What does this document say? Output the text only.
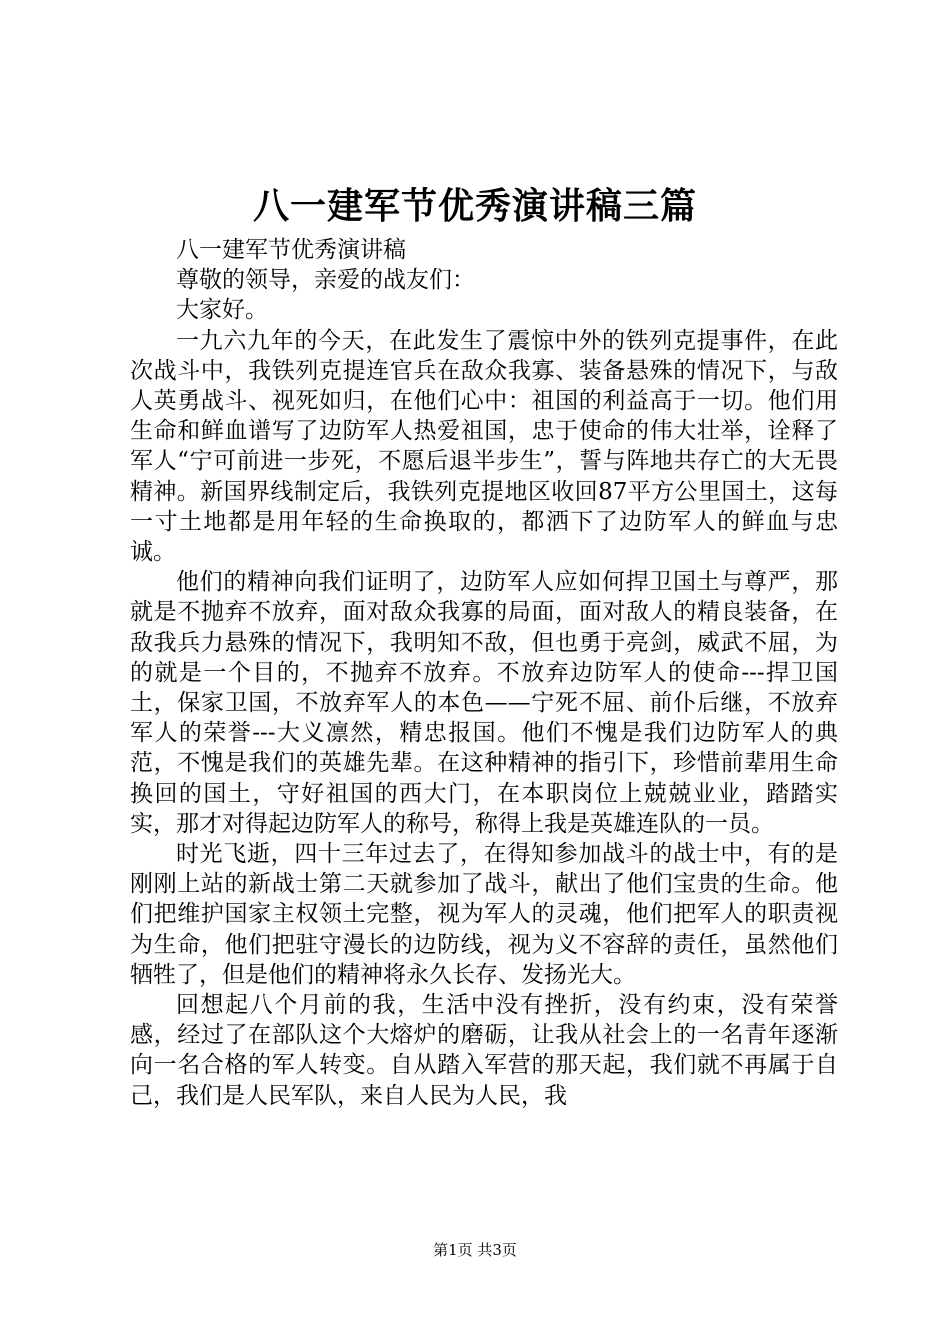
八一建军节优秀演讲稿三篇

八一建军节优秀演讲稿

尊敬的领导，亲爱的战友们：

大家好。

一九六九年的今天，在此发生了震惊中外的铁列克提事件，在此次战斗中，我铁列克提连官兵在敌众我寡、装备悬殊的情况下，与敌人英勇战斗、视死如归，在他们心中：祖国的利益高于一切。他们用生命和鲜血谱写了边防军人热爱祖国，忠于使命的伟大壮举，诠释了军人“宁可前进一步死，不愿后退半步生”，誓与阵地共存亡的大无畏精神。新国界线制定后，我铁列克提地区收回87平方公里国土，这每一寸土地都是用年轻的生命换取的，都洒下了边防军人的鲜血与忠诚。

他们的精神向我们证明了，边防军人应如何捍卫国土与尊严，那就是不抛弃不放弃，面对敌众我寡的局面，面对敌人的精良装备，在敌我兵力悬殊的情况下，我明知不敌，但也勇于亮剑，威武不屈，为的就是一个目的，不抛弃不放弃。不放弃边防军人的使命---捍卫国土，保家卫国，不放弃军人的本色——宁死不屈、前仆后继，不放弃军人的荣誉---大义凛然，精忠报国。他们不愧是我们边防军人的典范，不愧是我们的英雄先辈。在这种精神的指引下，珍惜前辈用生命换回的国土，守好祖国的西大门，在本职岗位上兢兢业业，踏踏实实，那才对得起边防军人的称号，称得上我是英雄连队的一员。

时光飞逝，四十三年过去了，在得知参加战斗的战士中，有的是刚刚上站的新战士第二天就参加了战斗，献出了他们宝贵的生命。他们把维护国家主权领土完整，视为军人的灵魂，他们把军人的职责视为生命，他们把驻守漫长的边防线，视为义不容辞的责任，虽然他们牺牲了，但是他们的精神将永久长存、发扬光大。

回想起八个月前的我，生活中没有挫折，没有约束，没有荣誉感，经过了在部队这个大熔炉的磨砺，让我从社会上的一名青年逐渐向一名合格的军人转变。自从踏入军营的那天起，我们就不再属于自己，我们是人民军队，来自人民为人民，我

第1页 共3页
